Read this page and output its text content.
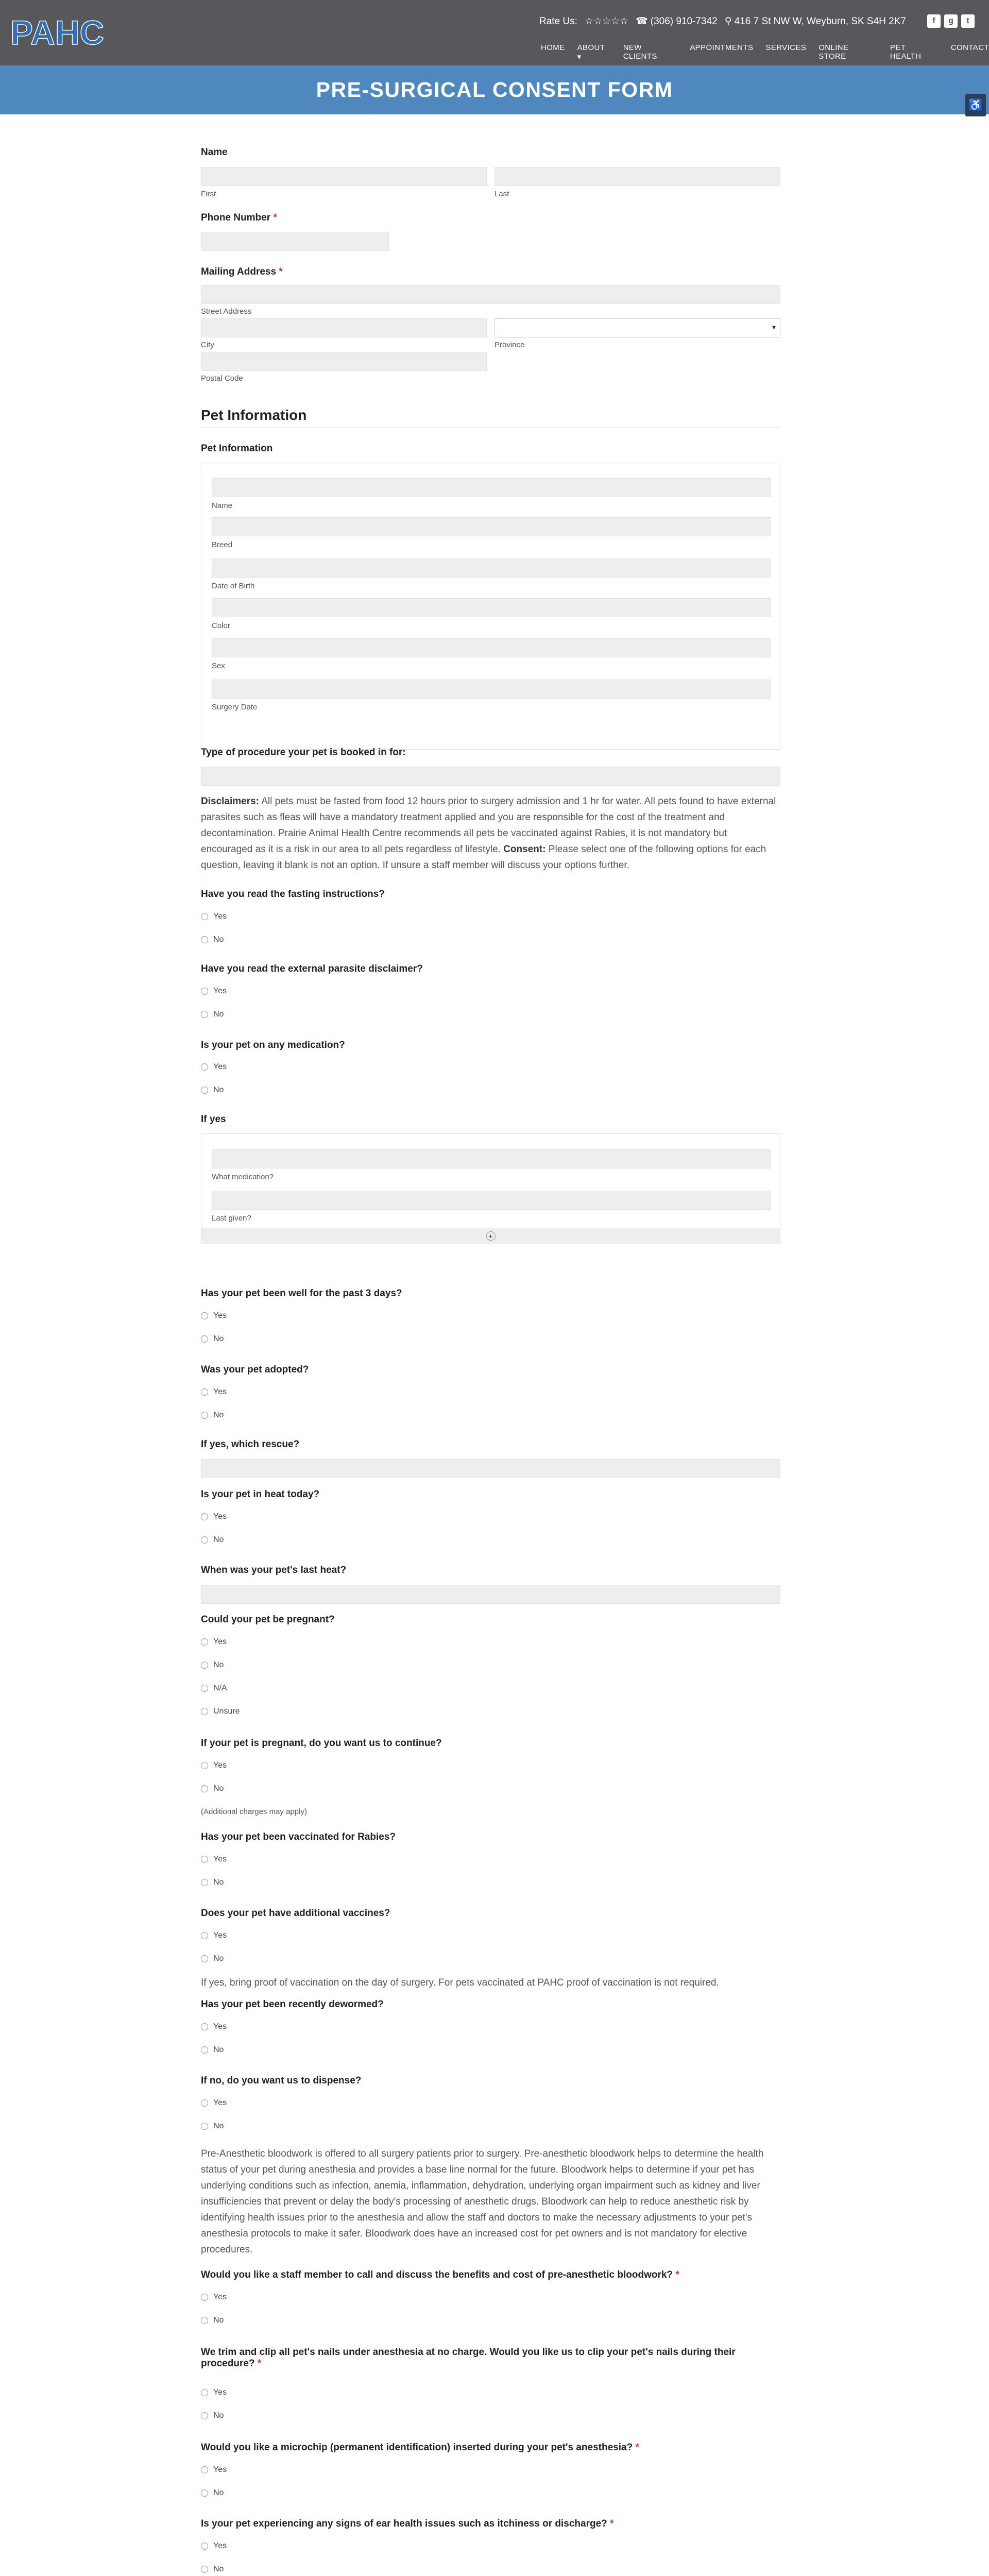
PAHC	Rate Us: ☆☆☆☆☆ ☎ (306) 910-7342 ⚲ 416 7 St NW W, Weyburn, SK S4H 2K7	f	g	t
HOME ABOUT ▾
NEW CLIENTS
APPOINTMENTS SERVICES ONLINE STORE
PET HEALTH
CONTACT
PRE-SURGICAL CONSENT FORM
♿
Name
First	Last
Phone Number *
Mailing Address *
Street Address
City
▾
Province
Postal Code
Pet Information
Pet Information
Name
Breed
Date of Birth
Color
Sex
Surgery Date
Type of procedure your pet is booked in for:
Disclaimers: All pets must be fasted from food 12 hours prior to surgery admission and 1 hr for water. All pets found to have external parasites such as fleas will have a mandatory treatment applied and you are responsible for the cost of the treatment and decontamination. Prairie Animal Health Centre recommends all pets be vaccinated against Rabies, it is not mandatory but encouraged as it is a risk in our area to all pets regardless of lifestyle. Consent: Please select one of the following options for each question, leaving it blank is not an option. If unsure a staff member will discuss your options further.
Have you read the fasting instructions?
Yes
No
Have you read the external parasite disclaimer?
Yes
No
Is your pet on any medication?
Yes
No
If yes
What medication?
Last given?
+
Has your pet been well for the past 3 days?
Yes
No
Was your pet adopted?
Yes
No
If yes, which rescue?
Is your pet in heat today?
Yes
No
When was your pet's last heat?
Could your pet be pregnant?
Yes
No
N/A
Unsure
If your pet is pregnant, do you want us to continue?
Yes
No
(Additional charges may apply)
Has your pet been vaccinated for Rabies?
Yes
No
Does your pet have additional vaccines?
Yes
No
If yes, bring proof of vaccination on the day of surgery. For pets vaccinated at PAHC proof of vaccination is not required.
Has your pet been recently dewormed?
Yes
No
If no, do you want us to dispense?
Yes
No
Pre-Anesthetic bloodwork is offered to all surgery patients prior to surgery. Pre-anesthetic bloodwork helps to determine the health status of your pet during anesthesia and provides a base line normal for the future. Bloodwork helps to determine if your pet has underlying conditions such as infection, anemia, inflammation, dehydration, underlying organ impairment such as kidney and liver insufficiencies that prevent or delay the body's processing of anesthetic drugs. Bloodwork can help to reduce anesthetic risk by identifying health issues prior to the anesthesia and allow the staff and doctors to make the necessary adjustments to your pet's anesthesia protocols to make it safer. Bloodwork does have an increased cost for pet owners and is not mandatory for elective procedures.
Would you like a staff member to call and discuss the benefits and cost of pre-anesthetic bloodwork? *
Yes
No
We trim and clip all pet's nails under anesthesia at no charge. Would you like us to clip your pet's nails during their procedure? *
Yes
No
Would you like a microchip (permanent identification) inserted during your pet's anesthesia? *
Yes
No
Is your pet experiencing any signs of ear health issues such as itchiness or discharge? *
Yes
No
